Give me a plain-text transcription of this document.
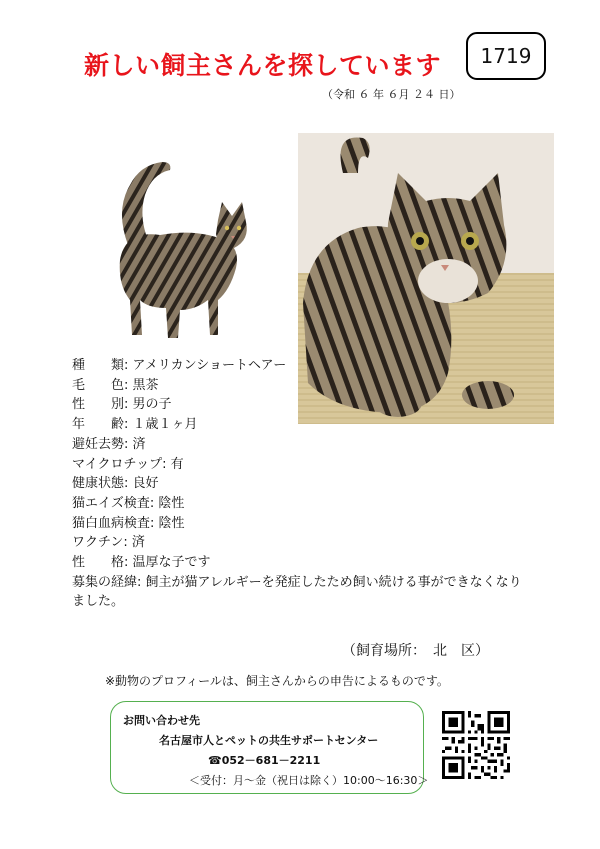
新しい飼主さんを探しています 1719
（令和 ６ 年 ６月 ２４ 日）
種　　類: アメリカンショートヘアー
毛　　色: 黒茶
性　　別: 男の子
年　　齢: １歳１ヶ月
避妊去勢: 済
マイクロチップ: 有
健康状態: 良好
猫エイズ検査: 陰性
猫白血病検査: 陰性
ワクチン: 済
性　　格: 温厚な子です
募集の経緯: 飼主が猫アレルギーを発症したため飼い続ける事ができなくなりました。
（飼育場所：　北　区）
※動物のプロフィールは、飼主さんからの申告によるものです。
お問い合わせ先
名古屋市人とペットの共生サポートセンター
☎052－681－2211
＜受付：月～金（祝日は除く）10:00～16:30＞
